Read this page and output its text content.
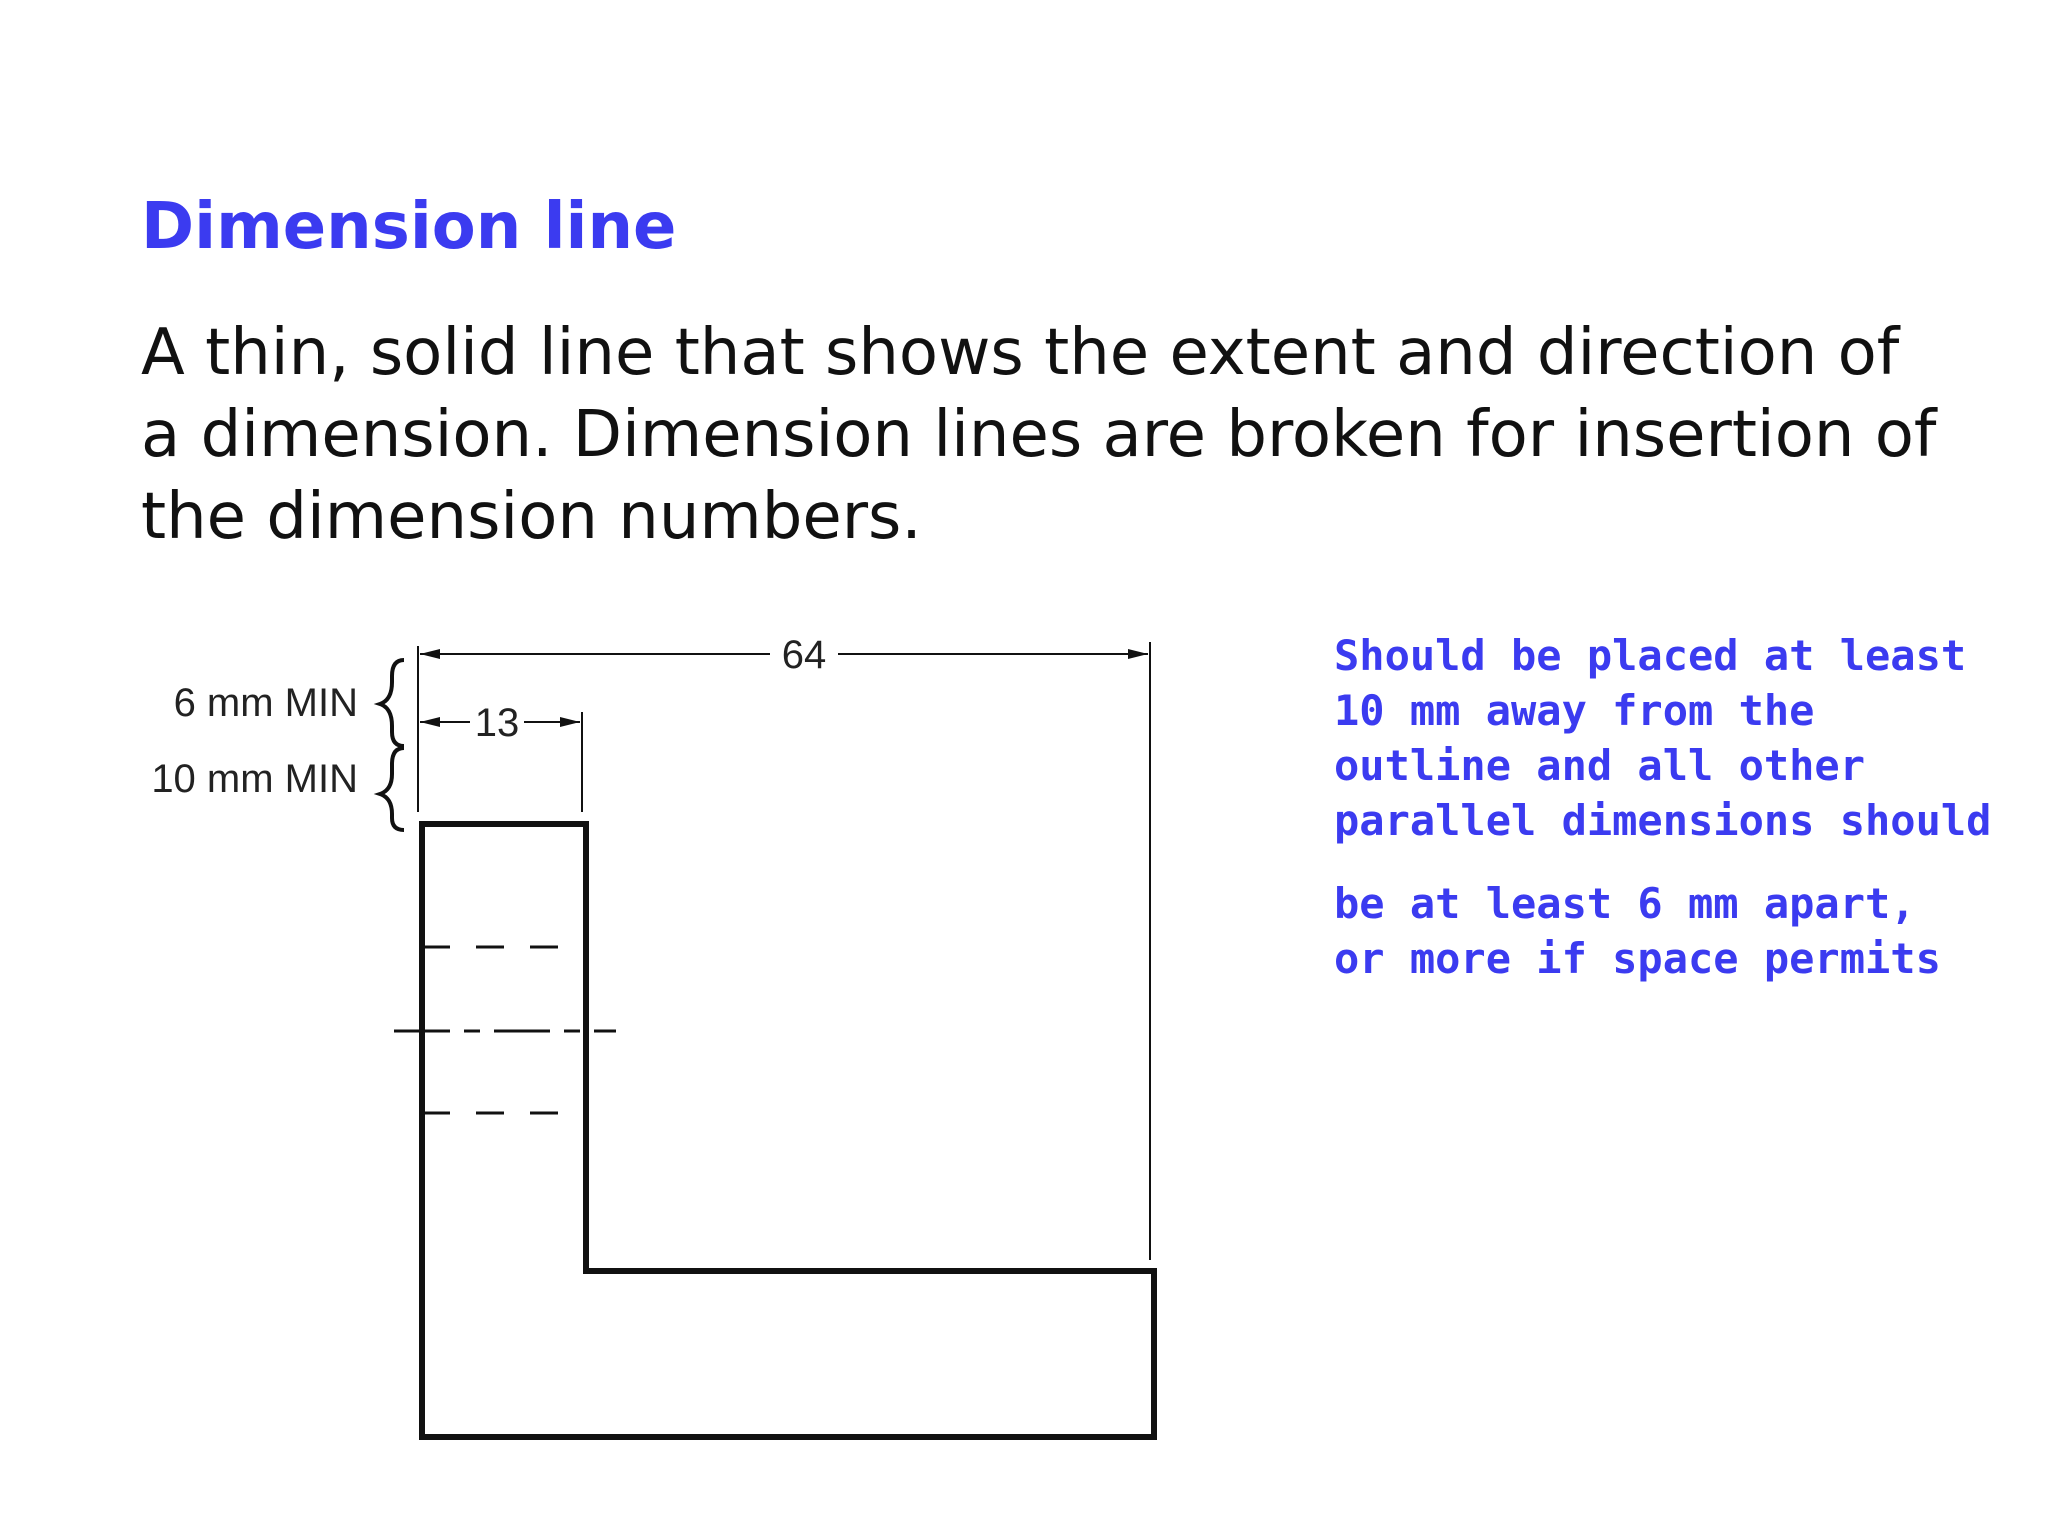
Dimension line
A thin, solid line that shows the extent and direction of
a dimension. Dimension lines are broken for insertion of
the dimension numbers.
Should be placed at least
10 mm away from the
outline and all other
parallel dimensions should
be at least 6 mm apart,
or more if space permits
64
13
6 mm MIN
10 mm MIN
